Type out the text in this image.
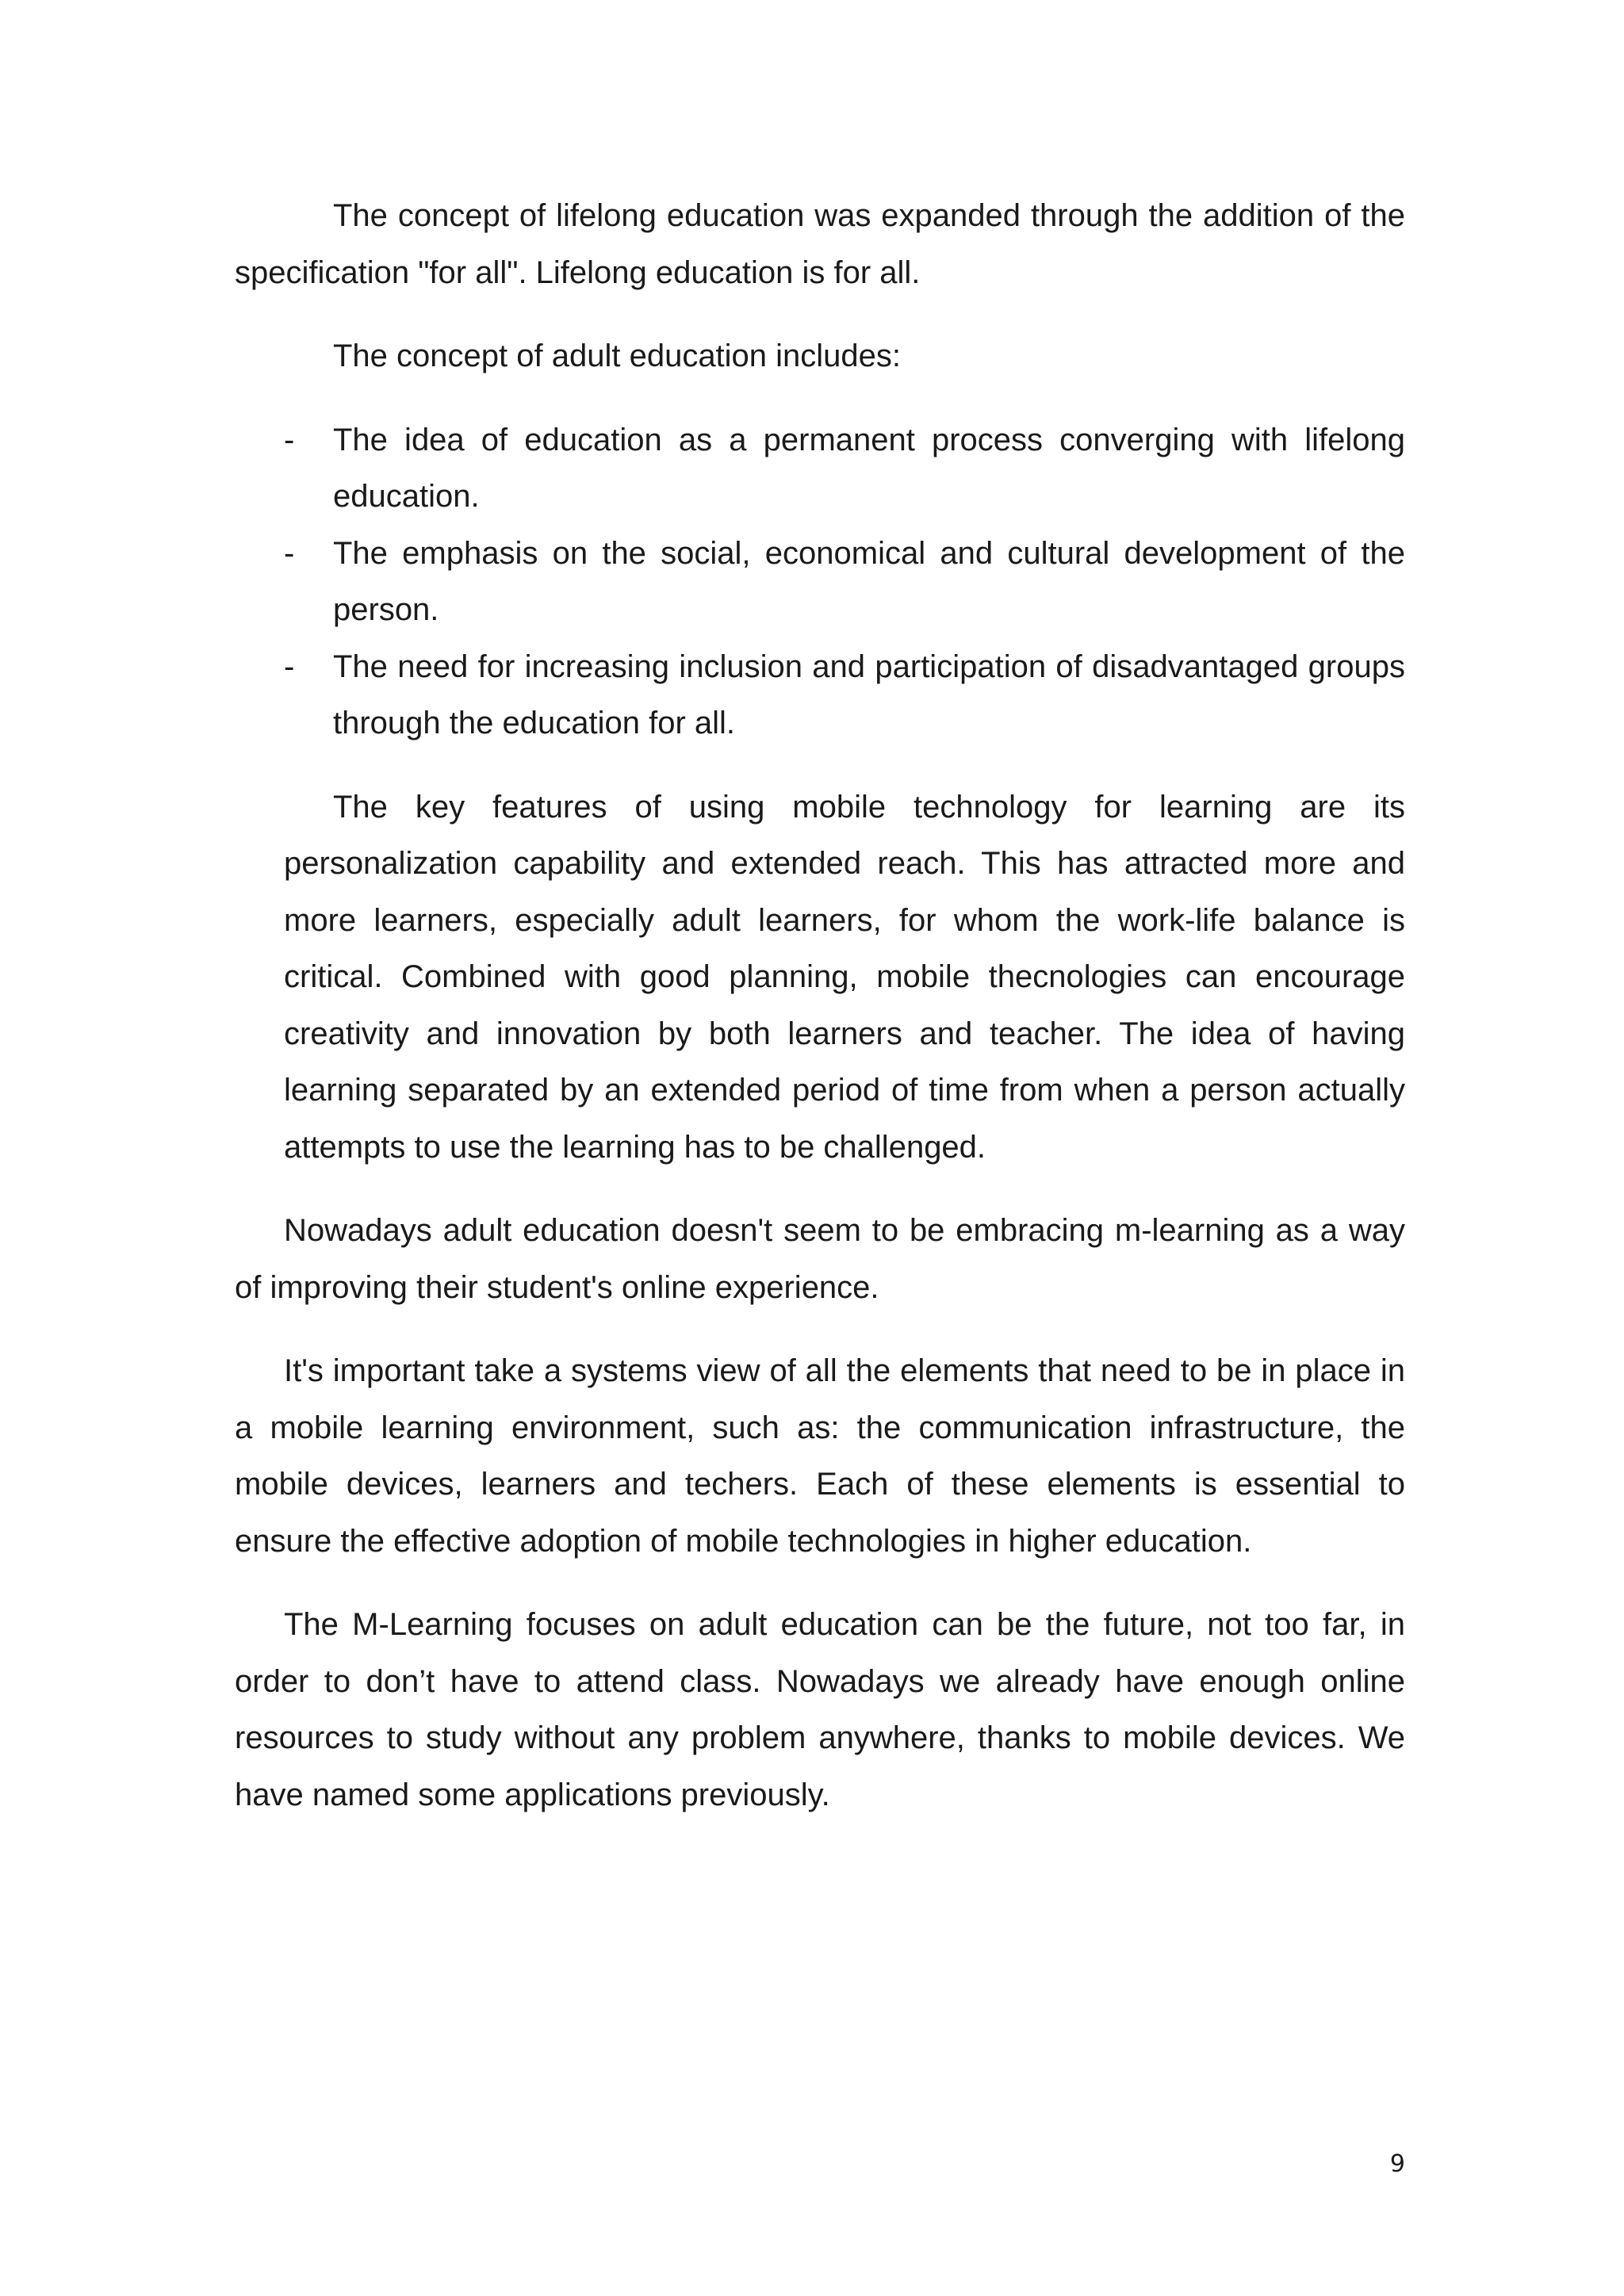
The concept of lifelong education was expanded through the addition of the specification "for all". Lifelong education is for all.

The concept of adult education includes:

- The idea of education as a permanent process converging with lifelong education.
- The emphasis on the social, economical and cultural development of the person.
- The need for increasing inclusion and participation of disadvantaged groups through the education for all.

The key features of using mobile technology for learning are its personalization capability and extended reach. This has attracted more and more learners, especially adult learners, for whom the work-life balance is critical. Combined with good planning, mobile thecnologies can encourage creativity and innovation by both learners and teacher. The idea of having learning separated by an extended period of time from when a person actually attempts to use the learning has to be challenged.

Nowadays adult education doesn't seem to be embracing m-learning as a way of improving their student's online experience.

It's important take a systems view of all the elements that need to be in place in a mobile learning environment, such as: the communication infrastructure, the mobile devices, learners and techers. Each of these elements is essential to ensure the effective adoption of mobile technologies in higher education.

The M-Learning focuses on adult education can be the future, not too far, in order to don’t have to attend class. Nowadays we already have enough online resources to study without any problem anywhere, thanks to mobile devices. We have named some applications previously.

9
